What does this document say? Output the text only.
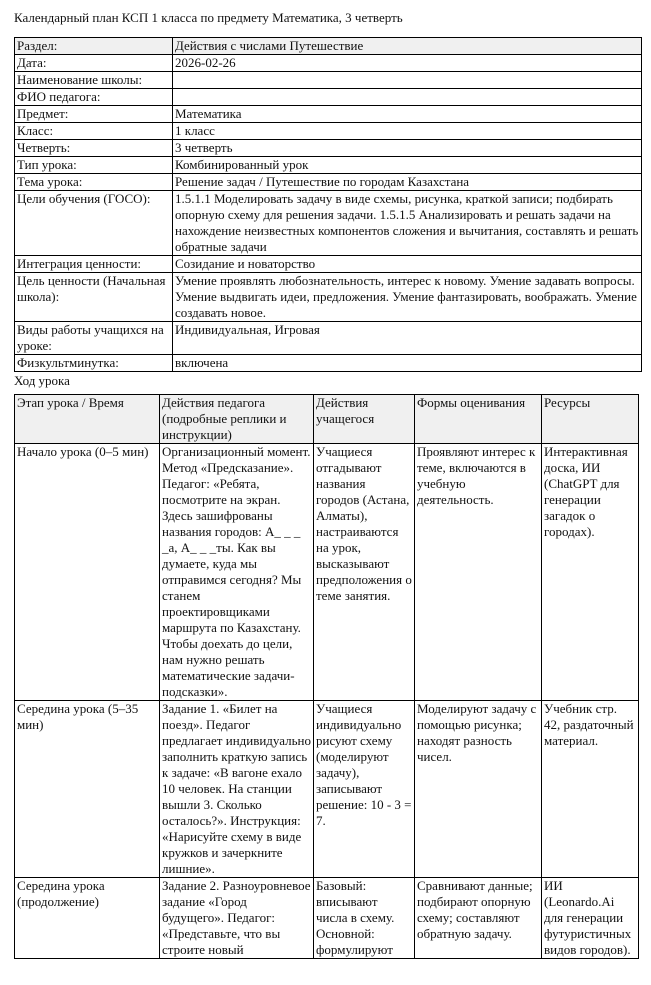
Календарный план КСП 1 класса по предмету Математика, 3 четверть

Раздел:	Действия с числами Путешествие
Дата:	2026-02-26
Наименование школы:	
ФИО педагога:	
Предмет:	Математика
Класс:	1 класс
Четверть:	3 четверть
Тип урока:	Комбинированный урок
Тема урока:	Решение задач / Путешествие по городам Казахстана
Цели обучения (ГОСО):	1.5.1.1 Моделировать задачу в виде схемы, рисунка, краткой записи; подбирать опорную схему для решения задачи. 1.5.1.5 Анализировать и решать задачи на нахождение неизвестных компонентов сложения и вычитания, составлять и решать обратные задачи
Интеграция ценности:	Созидание и новаторство
Цель ценности (Начальная школа):	Умение проявлять любознательность, интерес к новому. Умение задавать вопросы. Умение выдвигать идеи, предложения. Умение фантазировать, воображать. Умение создавать новое.
Виды работы учащихся на уроке:	Индивидуальная, Игровая
Физкультминутка:	включена

Ход урока

Этап урока / Время	Действия педагога (подробные реплики и инструкции)	Действия учащегося	Формы оценивания	Ресурсы
Начало урока (0–5 мин)	Организационный момент. Метод «Предсказание». Педагог: «Ребята, посмотрите на экран. Здесь зашифрованы названия городов: А_ _ _ _а, А_ _ _ты. Как вы думаете, куда мы отправимся сегодня? Мы станем проектировщиками маршрута по Казахстану. Чтобы доехать до цели, нам нужно решать математические задачи-подсказки».	Учащиеся отгадывают названия городов (Астана, Алматы), настраиваются на урок, высказывают предположения о теме занятия.	Проявляют интерес к теме, включаются в учебную деятельность.	Интерактивная доска, ИИ (ChatGPT для генерации загадок о городах).
Середина урока (5–35 мин)	Задание 1. «Билет на поезд». Педагог предлагает индивидуально заполнить краткую запись к задаче: «В вагоне ехало 10 человек. На станции вышли 3. Сколько осталось?». Инструкция: «Нарисуйте схему в виде кружков и зачеркните лишние».	Учащиеся индивидуально рисуют схему (моделируют задачу), записывают решение: 10 - 3 = 7.	Моделируют задачу с помощью рисунка; находят разность чисел.	Учебник стр. 42, раздаточный материал.
Середина урока (продолжение)	Задание 2. Разноуровневое задание «Город будущего». Педагог: «Представьте, что вы строите новый	Базовый: вписывают числа в схему. Основной: формулируют	Сравнивают данные; подбирают опорную схему; составляют обратную задачу.	ИИ (Leonardo.Ai для генерации футуристичных видов городов).
